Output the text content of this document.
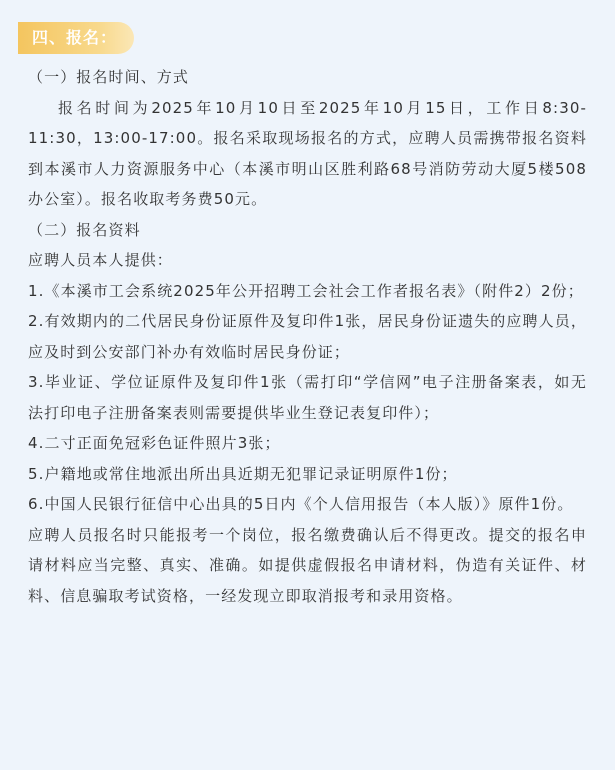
四、报名：

（一）报名时间、方式

报名时间为2025年10月10日至2025年10月15日，工作日8:30-11:30，13:00-17:00。报名采取现场报名的方式，应聘人员需携带报名资料到本溪市人力资源服务中心（本溪市明山区胜利路68号消防劳动大厦5楼508办公室）。报名收取考务费50元。

（二）报名资料

应聘人员本人提供：

1.《本溪市工会系统2025年公开招聘工会社会工作者报名表》（附件2）2份；

2.有效期内的二代居民身份证原件及复印件1张，居民身份证遗失的应聘人员，应及时到公安部门补办有效临时居民身份证；

3.毕业证、学位证原件及复印件1张（需打印“学信网”电子注册备案表，如无法打印电子注册备案表则需要提供毕业生登记表复印件）；

4.二寸正面免冠彩色证件照片3张；

5.户籍地或常住地派出所出具近期无犯罪记录证明原件1份；

6.中国人民银行征信中心出具的5日内《个人信用报告（本人版）》原件1份。

应聘人员报名时只能报考一个岗位，报名缴费确认后不得更改。提交的报名申请材料应当完整、真实、准确。如提供虚假报名申请材料，伪造有关证件、材料、信息骗取考试资格，一经发现立即取消报考和录用资格。
